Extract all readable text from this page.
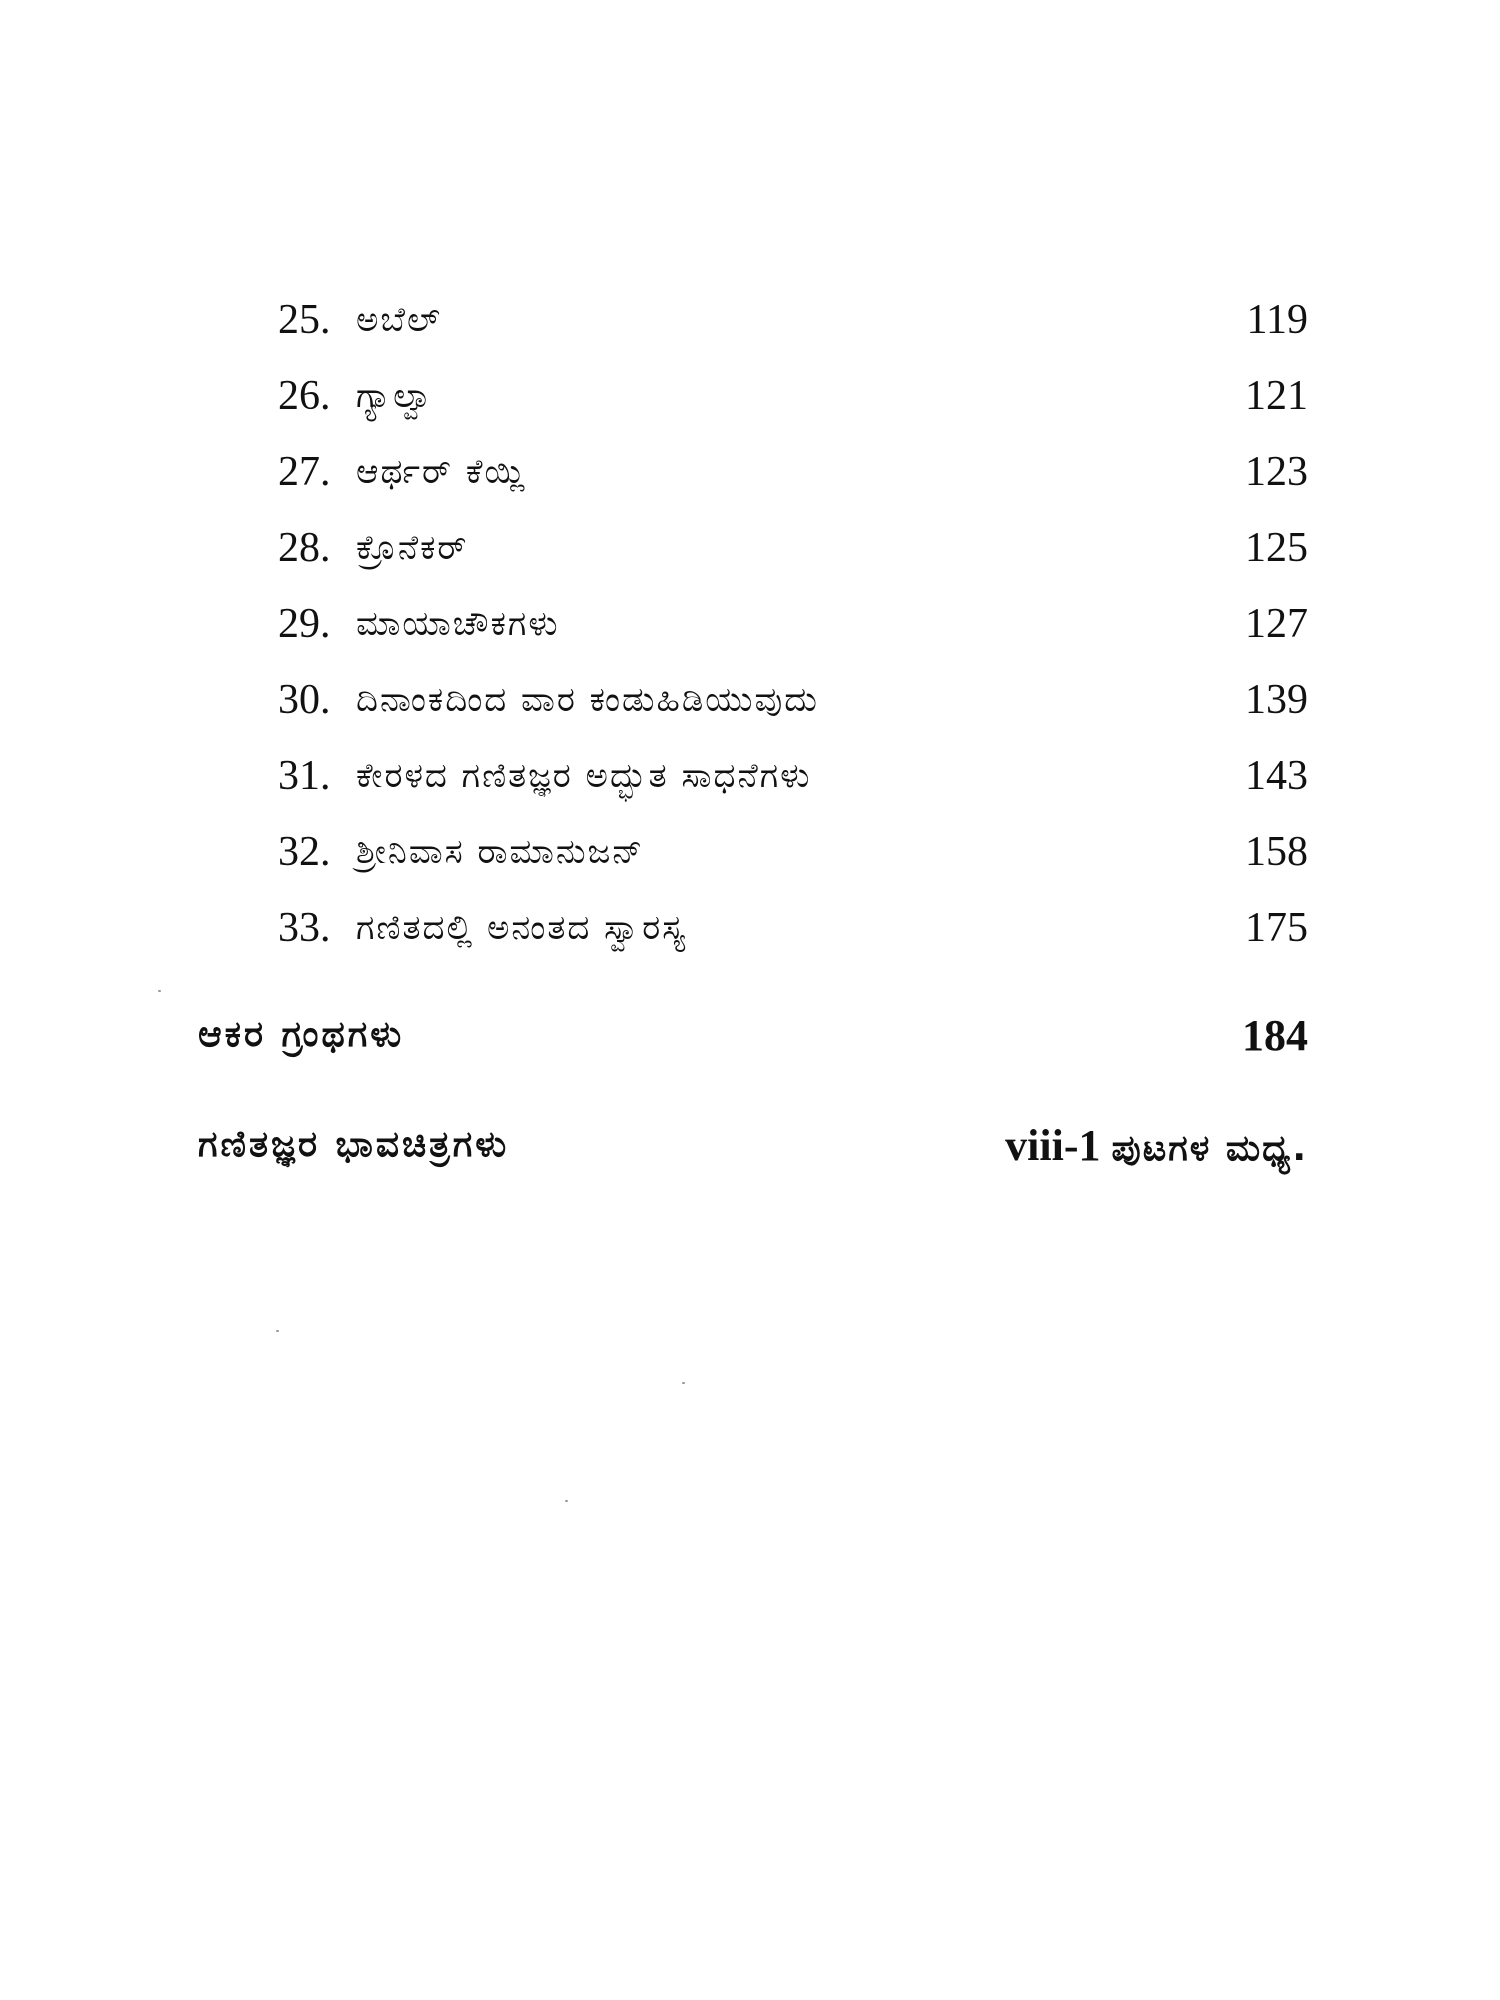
25. ಅಬೆಲ್	119
26. ಗ್ಯಾಲ್ವಾ	121
27. ಆರ್ಥರ್ ಕೆಯ್ಲಿ	123
28. ಕ್ರೊನೆಕರ್	125
29. ಮಾಯಾಚೌಕಗಳು	127
30. ದಿನಾಂಕದಿಂದ ವಾರ ಕಂಡುಹಿಡಿಯುವುದು	139
31. ಕೇರಳದ ಗಣಿತಜ್ಞರ ಅದ್ಭುತ ಸಾಧನೆಗಳು	143
32. ಶ್ರೀನಿವಾಸ ರಾಮಾನುಜನ್	158
33. ಗಣಿತದಲ್ಲಿ ಅನಂತದ ಸ್ವಾರಸ್ಯ	175
ಆಕರ ಗ್ರಂಥಗಳು	184
ಗಣಿತಜ್ಞರ ಭಾವಚಿತ್ರಗಳು	viii-1 ಪುಟಗಳ ಮಧ್ಯ.
